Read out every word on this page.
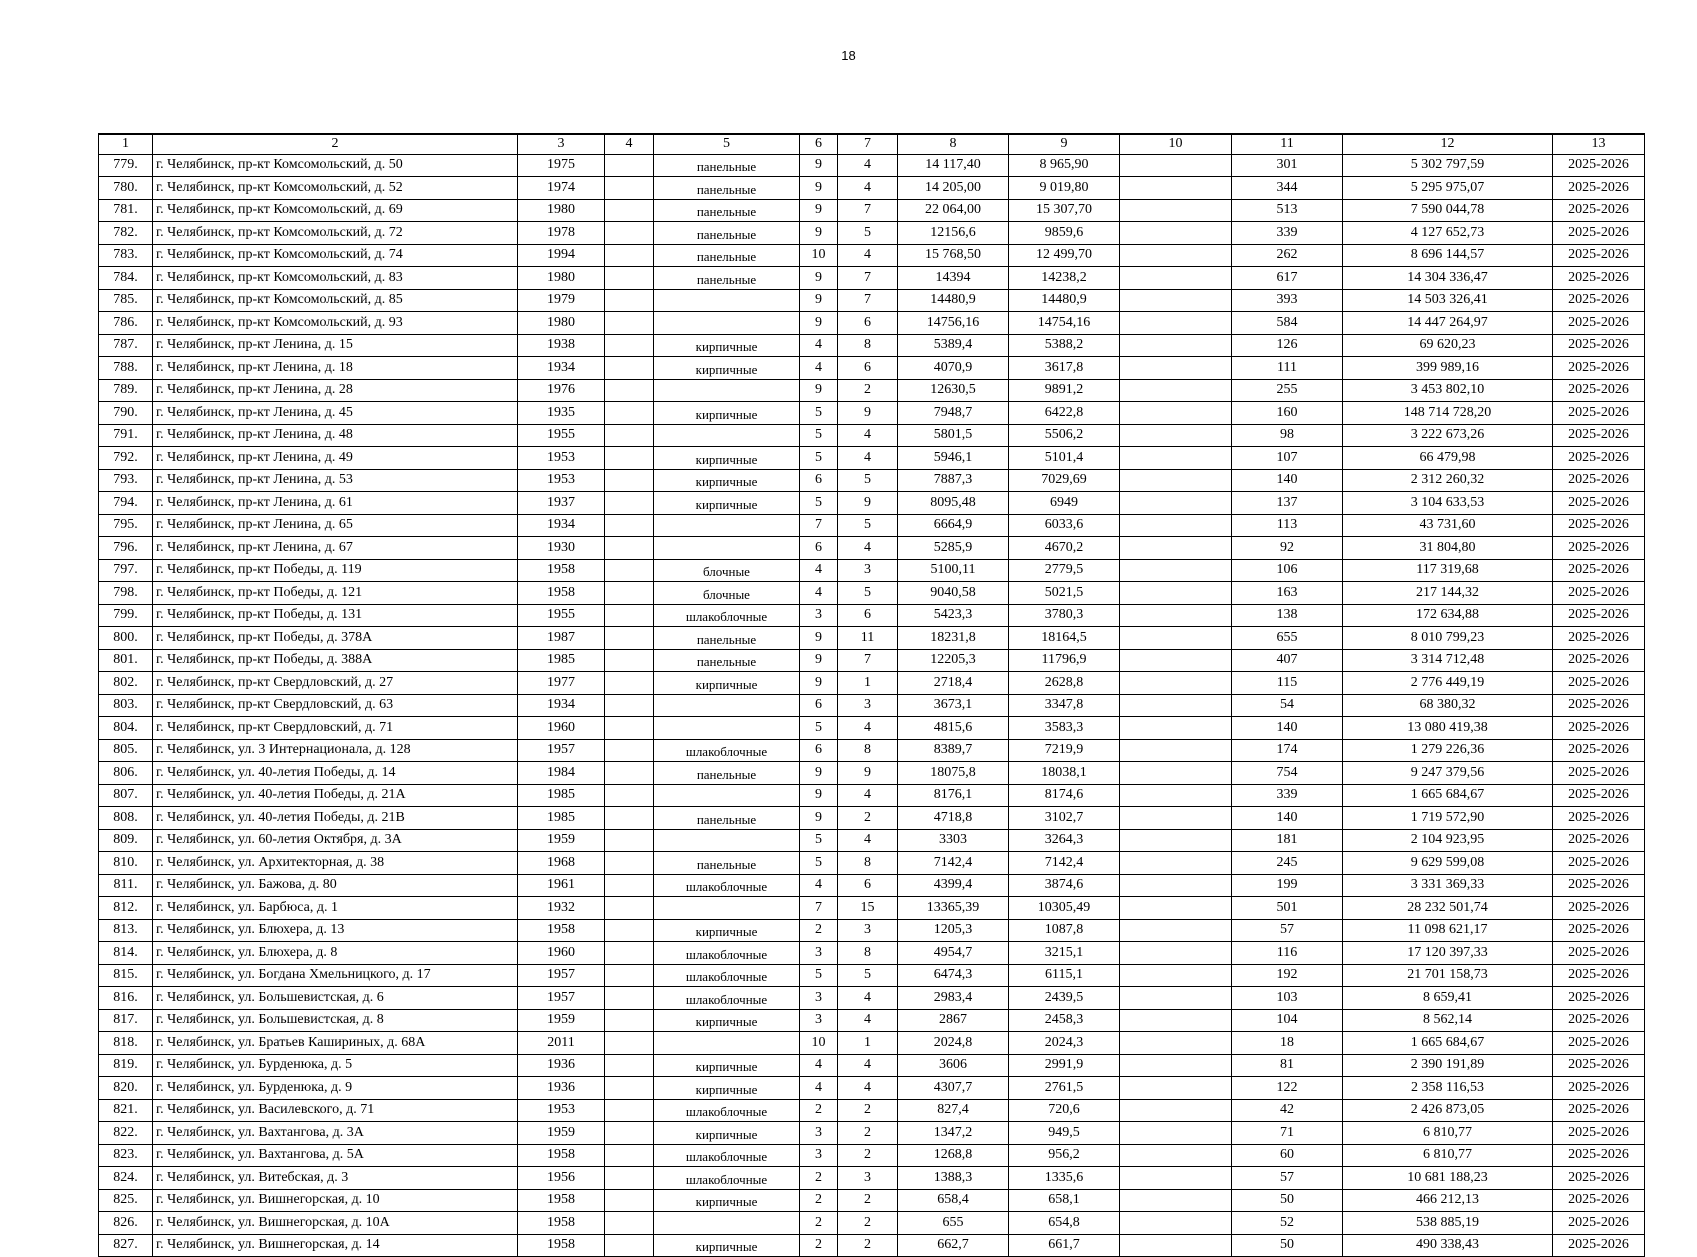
18
1	2	3	4	5	6	7	8	9	10	11	12	13
779.	г. Челябинск, пр-кт Комсомольский, д. 50	1975		панельные	9	4	14 117,40	8 965,90		301	5 302 797,59	2025-2026
780.	г. Челябинск, пр-кт Комсомольский, д. 52	1974		панельные	9	4	14 205,00	9 019,80		344	5 295 975,07	2025-2026
781.	г. Челябинск, пр-кт Комсомольский, д. 69	1980		панельные	9	7	22 064,00	15 307,70		513	7 590 044,78	2025-2026
782.	г. Челябинск, пр-кт Комсомольский, д. 72	1978		панельные	9	5	12156,6	9859,6		339	4 127 652,73	2025-2026
783.	г. Челябинск, пр-кт Комсомольский, д. 74	1994		панельные	10	4	15 768,50	12 499,70		262	8 696 144,57	2025-2026
784.	г. Челябинск, пр-кт Комсомольский, д. 83	1980		панельные	9	7	14394	14238,2		617	14 304 336,47	2025-2026
785.	г. Челябинск, пр-кт Комсомольский, д. 85	1979			9	7	14480,9	14480,9		393	14 503 326,41	2025-2026
786.	г. Челябинск, пр-кт Комсомольский, д. 93	1980			9	6	14756,16	14754,16		584	14 447 264,97	2025-2026
787.	г. Челябинск, пр-кт Ленина, д. 15	1938		кирпичные	4	8	5389,4	5388,2		126	69 620,23	2025-2026
788.	г. Челябинск, пр-кт Ленина, д. 18	1934		кирпичные	4	6	4070,9	3617,8		111	399 989,16	2025-2026
789.	г. Челябинск, пр-кт Ленина, д. 28	1976			9	2	12630,5	9891,2		255	3 453 802,10	2025-2026
790.	г. Челябинск, пр-кт Ленина, д. 45	1935		кирпичные	5	9	7948,7	6422,8		160	148 714 728,20	2025-2026
791.	г. Челябинск, пр-кт Ленина, д. 48	1955			5	4	5801,5	5506,2		98	3 222 673,26	2025-2026
792.	г. Челябинск, пр-кт Ленина, д. 49	1953		кирпичные	5	4	5946,1	5101,4		107	66 479,98	2025-2026
793.	г. Челябинск, пр-кт Ленина, д. 53	1953		кирпичные	6	5	7887,3	7029,69		140	2 312 260,32	2025-2026
794.	г. Челябинск, пр-кт Ленина, д. 61	1937		кирпичные	5	9	8095,48	6949		137	3 104 633,53	2025-2026
795.	г. Челябинск, пр-кт Ленина, д. 65	1934			7	5	6664,9	6033,6		113	43 731,60	2025-2026
796.	г. Челябинск, пр-кт Ленина, д. 67	1930			6	4	5285,9	4670,2		92	31 804,80	2025-2026
797.	г. Челябинск, пр-кт Победы, д. 119	1958		блочные	4	3	5100,11	2779,5		106	117 319,68	2025-2026
798.	г. Челябинск, пр-кт Победы, д. 121	1958		блочные	4	5	9040,58	5021,5		163	217 144,32	2025-2026
799.	г. Челябинск, пр-кт Победы, д. 131	1955		шлакоблочные	3	6	5423,3	3780,3		138	172 634,88	2025-2026
800.	г. Челябинск, пр-кт Победы, д. 378А	1987		панельные	9	11	18231,8	18164,5		655	8 010 799,23	2025-2026
801.	г. Челябинск, пр-кт Победы, д. 388А	1985		панельные	9	7	12205,3	11796,9		407	3 314 712,48	2025-2026
802.	г. Челябинск, пр-кт Свердловский, д. 27	1977		кирпичные	9	1	2718,4	2628,8		115	2 776 449,19	2025-2026
803.	г. Челябинск, пр-кт Свердловский, д. 63	1934			6	3	3673,1	3347,8		54	68 380,32	2025-2026
804.	г. Челябинск, пр-кт Свердловский, д. 71	1960			5	4	4815,6	3583,3		140	13 080 419,38	2025-2026
805.	г. Челябинск, ул. 3 Интернационала, д. 128	1957		шлакоблочные	6	8	8389,7	7219,9		174	1 279 226,36	2025-2026
806.	г. Челябинск, ул. 40-летия Победы, д. 14	1984		панельные	9	9	18075,8	18038,1		754	9 247 379,56	2025-2026
807.	г. Челябинск, ул. 40-летия Победы, д. 21А	1985			9	4	8176,1	8174,6		339	1 665 684,67	2025-2026
808.	г. Челябинск, ул. 40-летия Победы, д. 21В	1985		панельные	9	2	4718,8	3102,7		140	1 719 572,90	2025-2026
809.	г. Челябинск, ул. 60-летия Октября, д. 3А	1959			5	4	3303	3264,3		181	2 104 923,95	2025-2026
810.	г. Челябинск, ул. Архитекторная, д. 38	1968		панельные	5	8	7142,4	7142,4		245	9 629 599,08	2025-2026
811.	г. Челябинск, ул. Бажова, д. 80	1961		шлакоблочные	4	6	4399,4	3874,6		199	3 331 369,33	2025-2026
812.	г. Челябинск, ул. Барбюса, д. 1	1932			7	15	13365,39	10305,49		501	28 232 501,74	2025-2026
813.	г. Челябинск, ул. Блюхера, д. 13	1958		кирпичные	2	3	1205,3	1087,8		57	11 098 621,17	2025-2026
814.	г. Челябинск, ул. Блюхера, д. 8	1960		шлакоблочные	3	8	4954,7	3215,1		116	17 120 397,33	2025-2026
815.	г. Челябинск, ул. Богдана Хмельницкого, д. 17	1957		шлакоблочные	5	5	6474,3	6115,1		192	21 701 158,73	2025-2026
816.	г. Челябинск, ул. Большевистская, д. 6	1957		шлакоблочные	3	4	2983,4	2439,5		103	8 659,41	2025-2026
817.	г. Челябинск, ул. Большевистская, д. 8	1959		кирпичные	3	4	2867	2458,3		104	8 562,14	2025-2026
818.	г. Челябинск, ул. Братьев Кашириных, д. 68А	2011			10	1	2024,8	2024,3		18	1 665 684,67	2025-2026
819.	г. Челябинск, ул. Бурденюка, д. 5	1936		кирпичные	4	4	3606	2991,9		81	2 390 191,89	2025-2026
820.	г. Челябинск, ул. Бурденюка, д. 9	1936		кирпичные	4	4	4307,7	2761,5		122	2 358 116,53	2025-2026
821.	г. Челябинск, ул. Василевского, д. 71	1953		шлакоблочные	2	2	827,4	720,6		42	2 426 873,05	2025-2026
822.	г. Челябинск, ул. Вахтангова, д. 3А	1959		кирпичные	3	2	1347,2	949,5		71	6 810,77	2025-2026
823.	г. Челябинск, ул. Вахтангова, д. 5А	1958		шлакоблочные	3	2	1268,8	956,2		60	6 810,77	2025-2026
824.	г. Челябинск, ул. Витебская, д. 3	1956		шлакоблочные	2	3	1388,3	1335,6		57	10 681 188,23	2025-2026
825.	г. Челябинск, ул. Вишнегорская, д. 10	1958		кирпичные	2	2	658,4	658,1		50	466 212,13	2025-2026
826.	г. Челябинск, ул. Вишнегорская, д. 10А	1958			2	2	655	654,8		52	538 885,19	2025-2026
827.	г. Челябинск, ул. Вишнегорская, д. 14	1958		кирпичные	2	2	662,7	661,7		50	490 338,43	2025-2026
